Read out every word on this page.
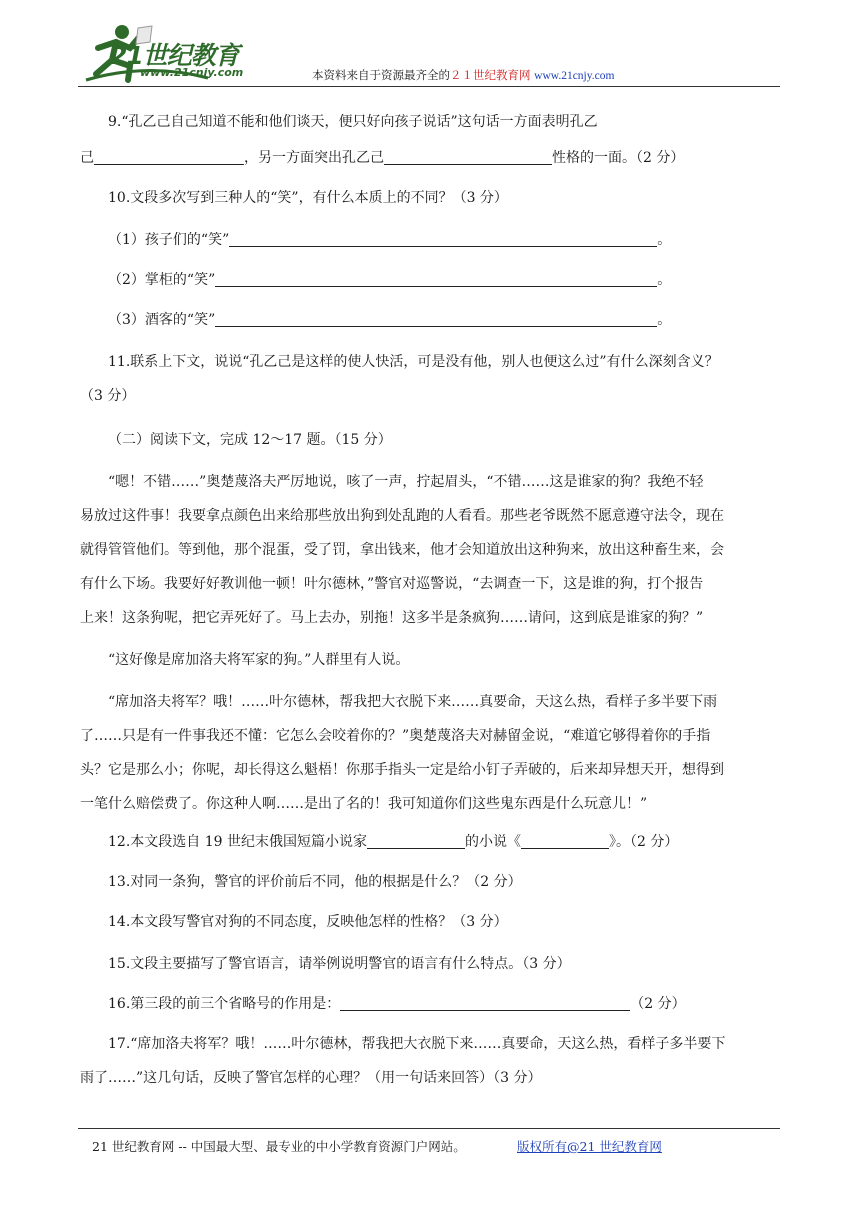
21世纪教育
www.21cnjy.com	本资料来自于资源最齐全的２１世纪教育网 www.21cnjy.com
9.“孔乙己自己知道不能和他们谈天，便只好向孩子说话”这句话一方面表明孔乙
己	，另一方面突出孔乙己	性格的一面。（2 分）
10.文段多次写到三种人的“笑”，有什么本质上的不同？（3 分）
（1）孩子们的“笑”	。
（2）掌柜的“笑”	。
（3）酒客的“笑”	。
11.联系上下文，说说“孔乙己是这样的使人快活，可是没有他，别人也便这么过”有什么深刻含义？
（3 分）
（二）阅读下文，完成 12～17 题。（15 分）
“嗯！不错……”奥楚蔑洛夫严厉地说，咳了一声，拧起眉头，“不错……这是谁家的狗？我绝不轻
易放过这件事！我要拿点颜色出来给那些放出狗到处乱跑的人看看。那些老爷既然不愿意遵守法令，现在
就得管管他们。等到他，那个混蛋，受了罚，拿出钱来，他才会知道放出这种狗来，放出这种畜生来，会
有什么下场。我要好好教训他一顿！叶尔德林，”警官对巡警说，“去调查一下，这是谁的狗，打个报告
上来！这条狗呢，把它弄死好了。马上去办，别拖！这多半是条疯狗……请问，这到底是谁家的狗？”
“这好像是席加洛夫将军家的狗。”人群里有人说。
“席加洛夫将军？哦！……叶尔德林，帮我把大衣脱下来……真要命，天这么热，看样子多半要下雨
了……只是有一件事我还不懂：它怎么会咬着你的？”奥楚蔑洛夫对赫留金说，“难道它够得着你的手指
头？它是那么小；你呢，却长得这么魁梧！你那手指头一定是给小钉子弄破的，后来却异想天开，想得到
一笔什么赔偿费了。你这种人啊……是出了名的！我可知道你们这些鬼东西是什么玩意儿！”
12.本文段选自 19 世纪末俄国短篇小说家	的小说《	》。（2 分）
13.对同一条狗，警官的评价前后不同，他的根据是什么？（2 分）
14.本文段写警官对狗的不同态度，反映他怎样的性格？（3 分）
15.文段主要描写了警官语言，请举例说明警官的语言有什么特点。（3 分）
16.第三段的前三个省略号的作用是：	（2 分）
17.“席加洛夫将军？哦！……叶尔德林，帮我把大衣脱下来……真要命，天这么热，看样子多半要下
雨了……”这几句话，反映了警官怎样的心理？（用一句话来回答）（3 分）
21 世纪教育网 -- 中国最大型、最专业的中小学教育资源门户网站。	版权所有@21 世纪教育网
